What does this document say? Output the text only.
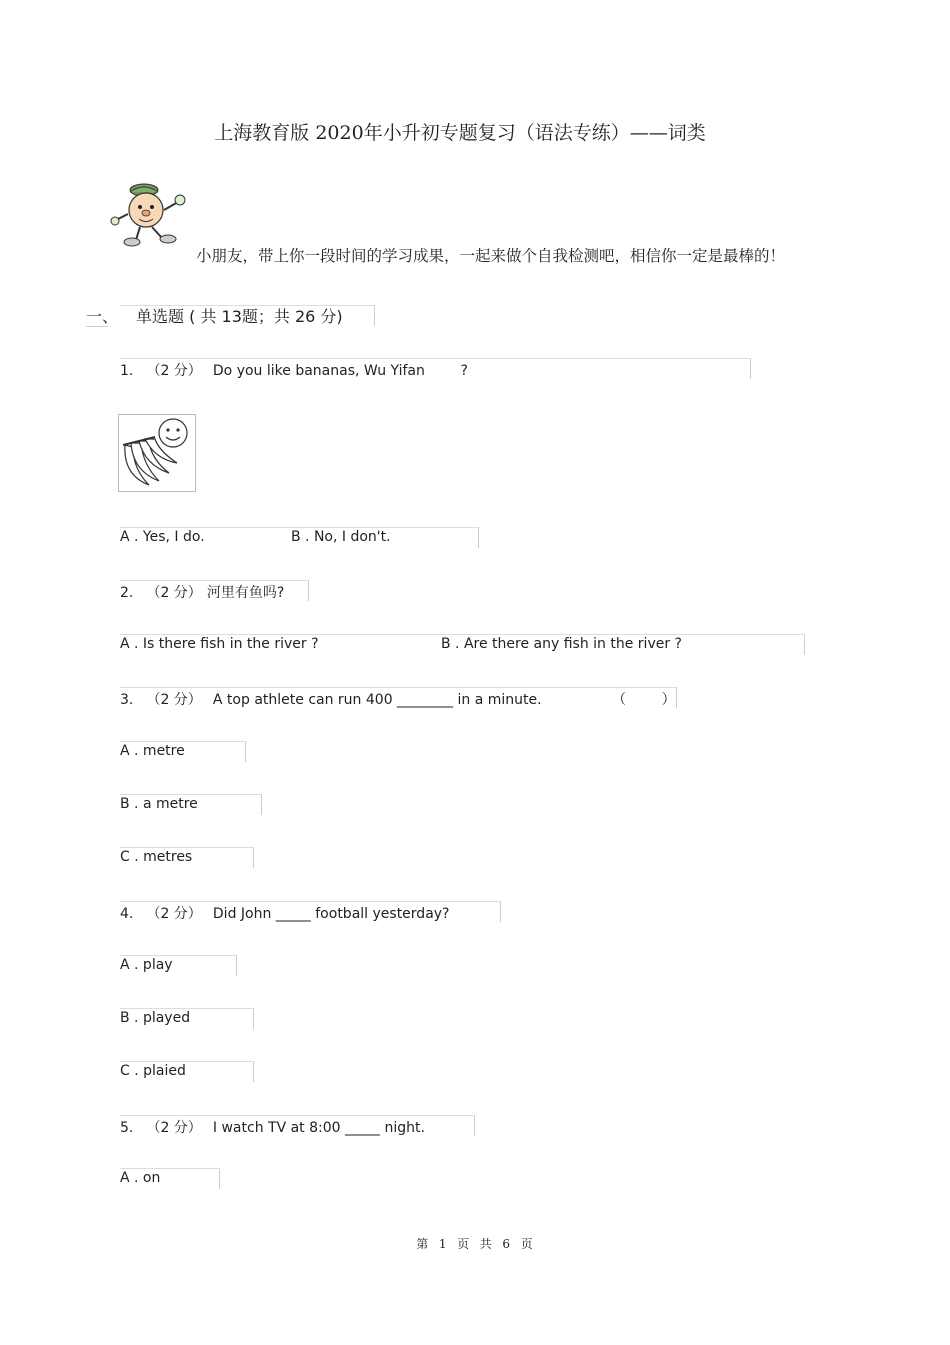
上海教育版 2020年小升初专题复习（语法专练）——词类
小朋友，带上你一段时间的学习成果，一起来做个自我检测吧，相信你一定是最棒的！
一、 单选题 ( 共 13题；共 26 分)
1. （2 分） Do you like bananas, Wu Yifan        ?
A . Yes, I do.	B . No, I don't.
2. （2 分） 河里有鱼吗?
A . Is there fish in the river ?	B . Are there any fish in the river ?
3. （2 分） A top athlete can run 400 ________ in a minute.	（        ）
A . metre
B . a metre
C . metres
4. （2 分） Did John _____ football yesterday?
A . play
B . played
C . plaied
5. （2 分） I watch TV at 8:00 _____ night.
A . on
第  1  页  共  6  页
